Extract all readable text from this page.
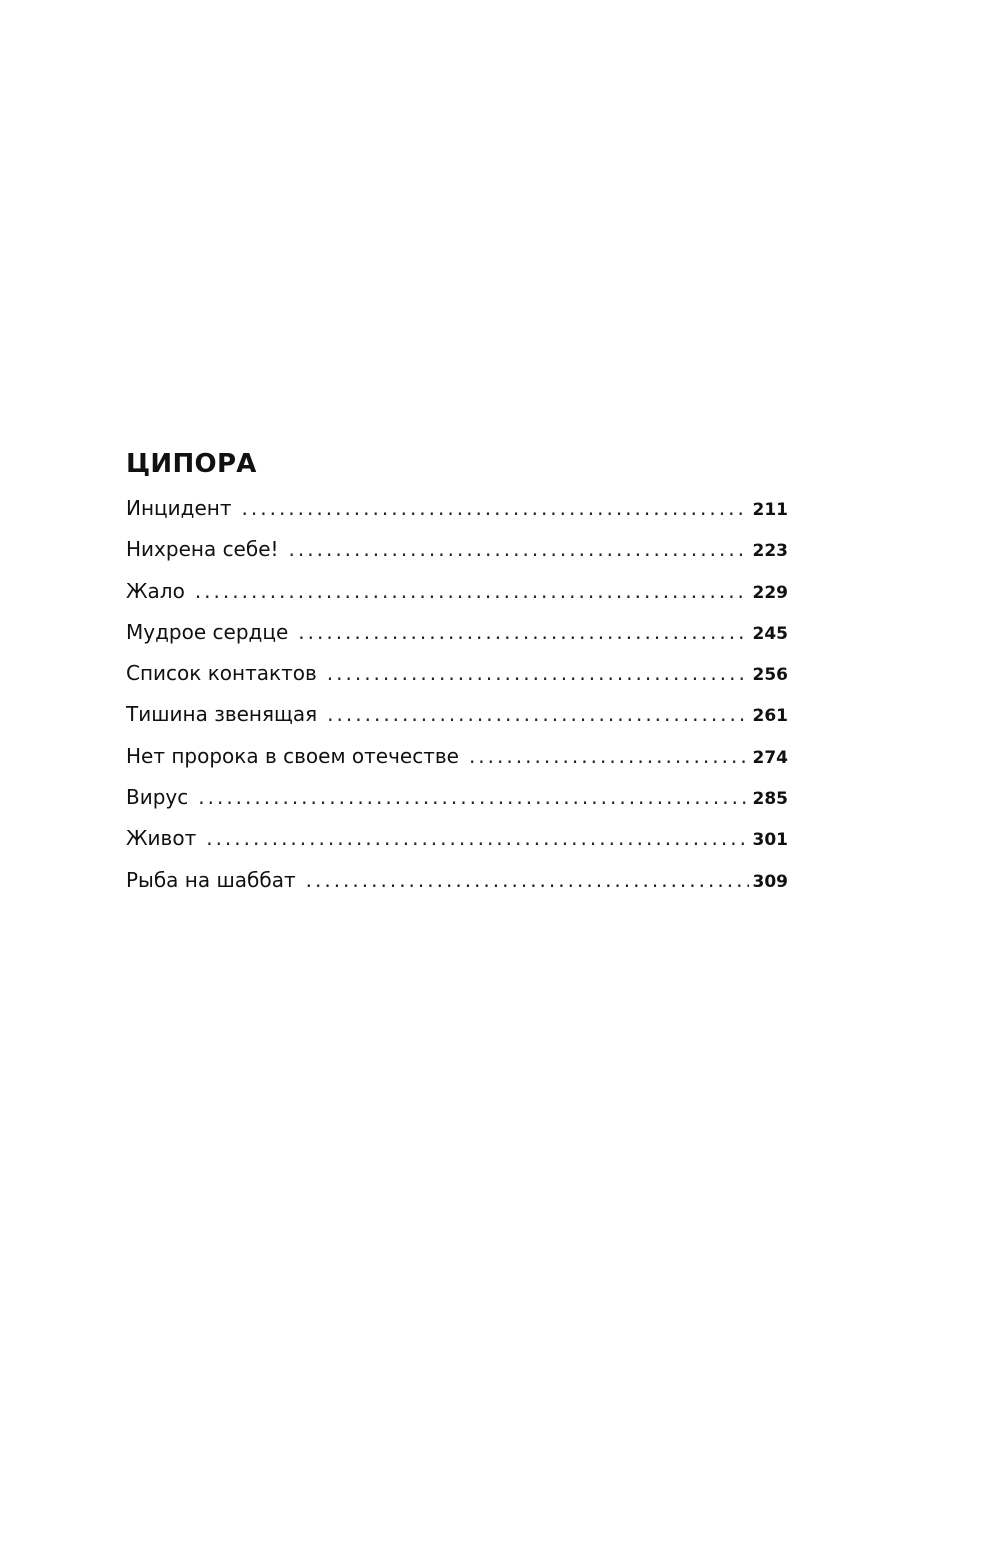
ЦИПОРА
Инцидент .....	211
Нихрена себе! .....	223
Жало .....	229
Мудрое сердце .....	245
Список контактов .....	256
Тишина звенящая .....	261
Нет пророка в своем отечестве .....	274
Вирус .....	285
Живот .....	301
Рыба на шаббат .....	309
